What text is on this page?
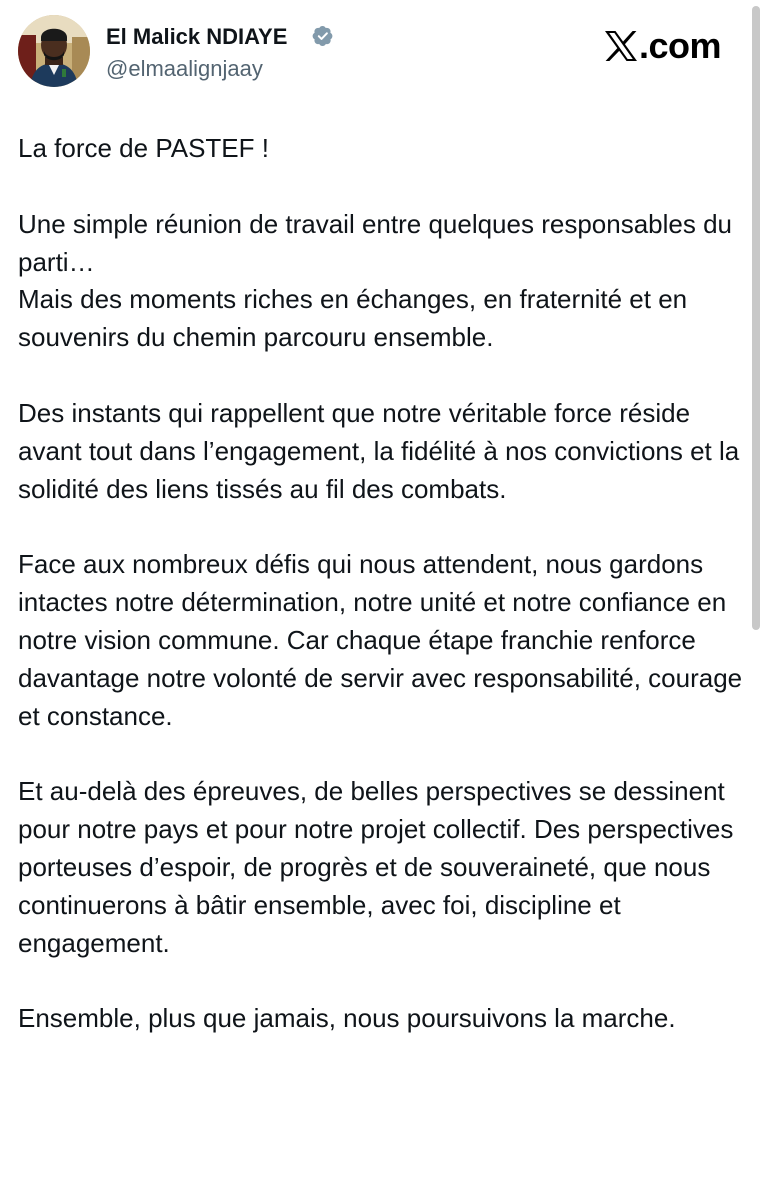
El Malick NDIAYE
@elmaalignjaay
.com

La force de PASTEF !

Une simple réunion de travail entre quelques responsables du parti…
Mais des moments riches en échanges, en fraternité et en souvenirs du chemin parcouru ensemble.

Des instants qui rappellent que notre véritable force réside avant tout dans l’engagement, la fidélité à nos convictions et la solidité des liens tissés au fil des combats.

Face aux nombreux défis qui nous attendent, nous gardons intactes notre détermination, notre unité et notre confiance en notre vision commune. Car chaque étape franchie renforce davantage notre volonté de servir avec responsabilité, courage et constance.

Et au-delà des épreuves, de belles perspectives se dessinent pour notre pays et pour notre projet collectif. Des perspectives porteuses d’espoir, de progrès et de souveraineté, que nous continuerons à bâtir ensemble, avec foi, discipline et engagement.

Ensemble, plus que jamais, nous poursuivons la marche.
